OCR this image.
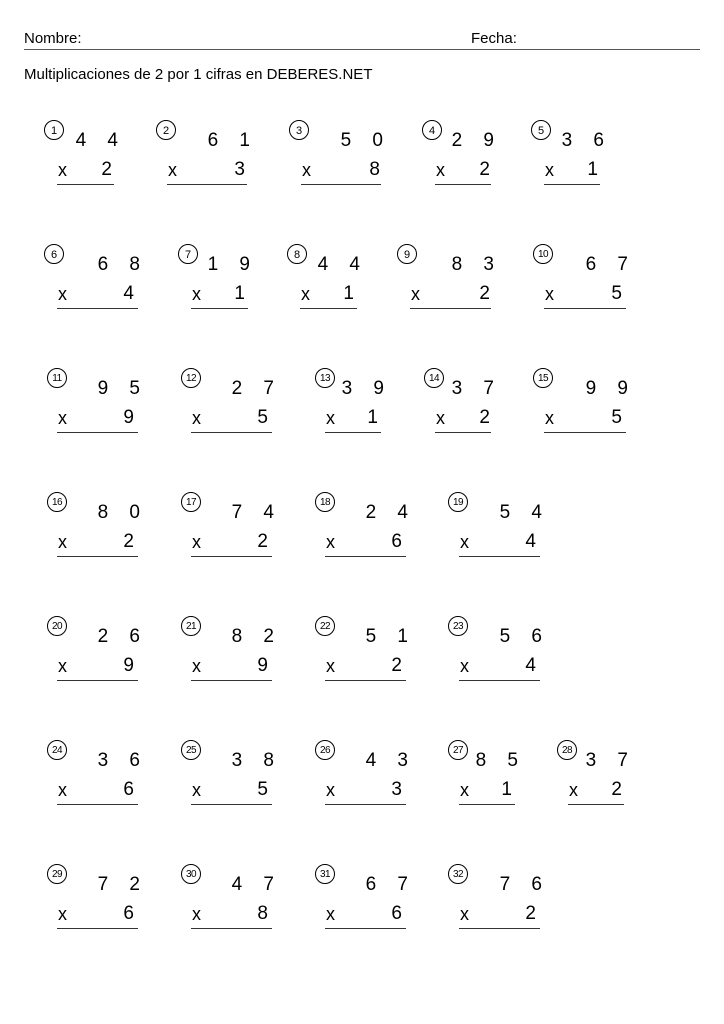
Nombre:	Fecha:
Multiplicaciones de 2 por 1 cifras en DEBERES.NET
1 4 4
x 2
2	6 1
x	3
3	5 0
x	8
4 2 9
x 2
5 3 6
x 1
6	6 8
x	4
7 1 9
x 1
8 4 4
x 1
9	8 3
x	2
10 6 7
x	5
11 9 5
x	9
12 2 7
x	5
13 3 9
x 1
14 3 7
x 2
15 9 9
x	5
16 8 0
x	2
17 7 4
x	2
18 2 4
x	6
19 5 4
x	4
20 2 6
x	9
21 8 2
x	9
22 5 1
x	2
23 5 6
x	4
24 3 6
x	6
25 3 8
x	5
26 4 3
x	3
27 8 5
x 1
28 3 7
x 2
29 7 2
x	6
30 4 7
x	8
31 6 7
x	6
32 7 6
x	2
